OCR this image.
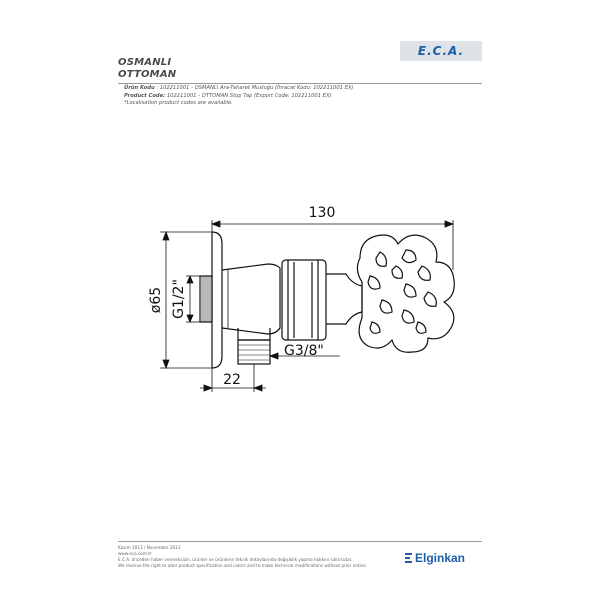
OSMANLI
OTTOMAN
E.C.A.
Ürün Kodu : 102211001 - OSMANLI Ara-Taharet Musluğu (İhracat Kodu: 102211001 EX)
Product Code: 102211001 - OTTOMAN Stop Tap (Export Code: 102211001 EX)
*Localisation product codes are available.
130
ø65 G1/2"
G3/8"
22
Kasım 2013 / November 2013
www.eca.com.tr
E.C.A. önceden haber vermeksizin, ürünler ve ürünlerin teknik detaylarında değişiklik yapma hakkını saklı tutar.
We reserve the right to alter product specification and colors and to make technical modifications without prior notice.
Elginkan
